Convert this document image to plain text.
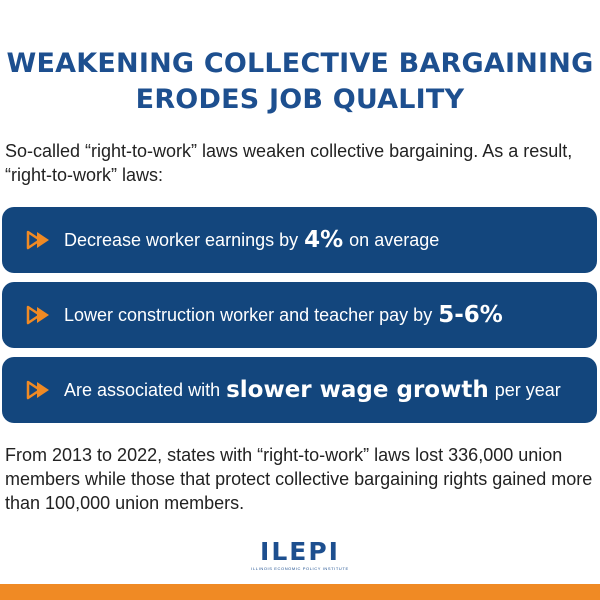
WEAKENING COLLECTIVE BARGAINING
ERODES JOB QUALITY
So-called “right-to-work” laws weaken collective bargaining. As a result, “right-to-work” laws:
Decrease worker earnings by 4% on average
Lower construction worker and teacher pay by 5-6%
Are associated with slower wage growth per year
From 2013 to 2022, states with “right-to-work” laws lost 336,000 union members while those that protect collective bargaining rights gained more than 100,000 union members.
ILEPI
ILLINOIS ECONOMIC POLICY INSTITUTE
